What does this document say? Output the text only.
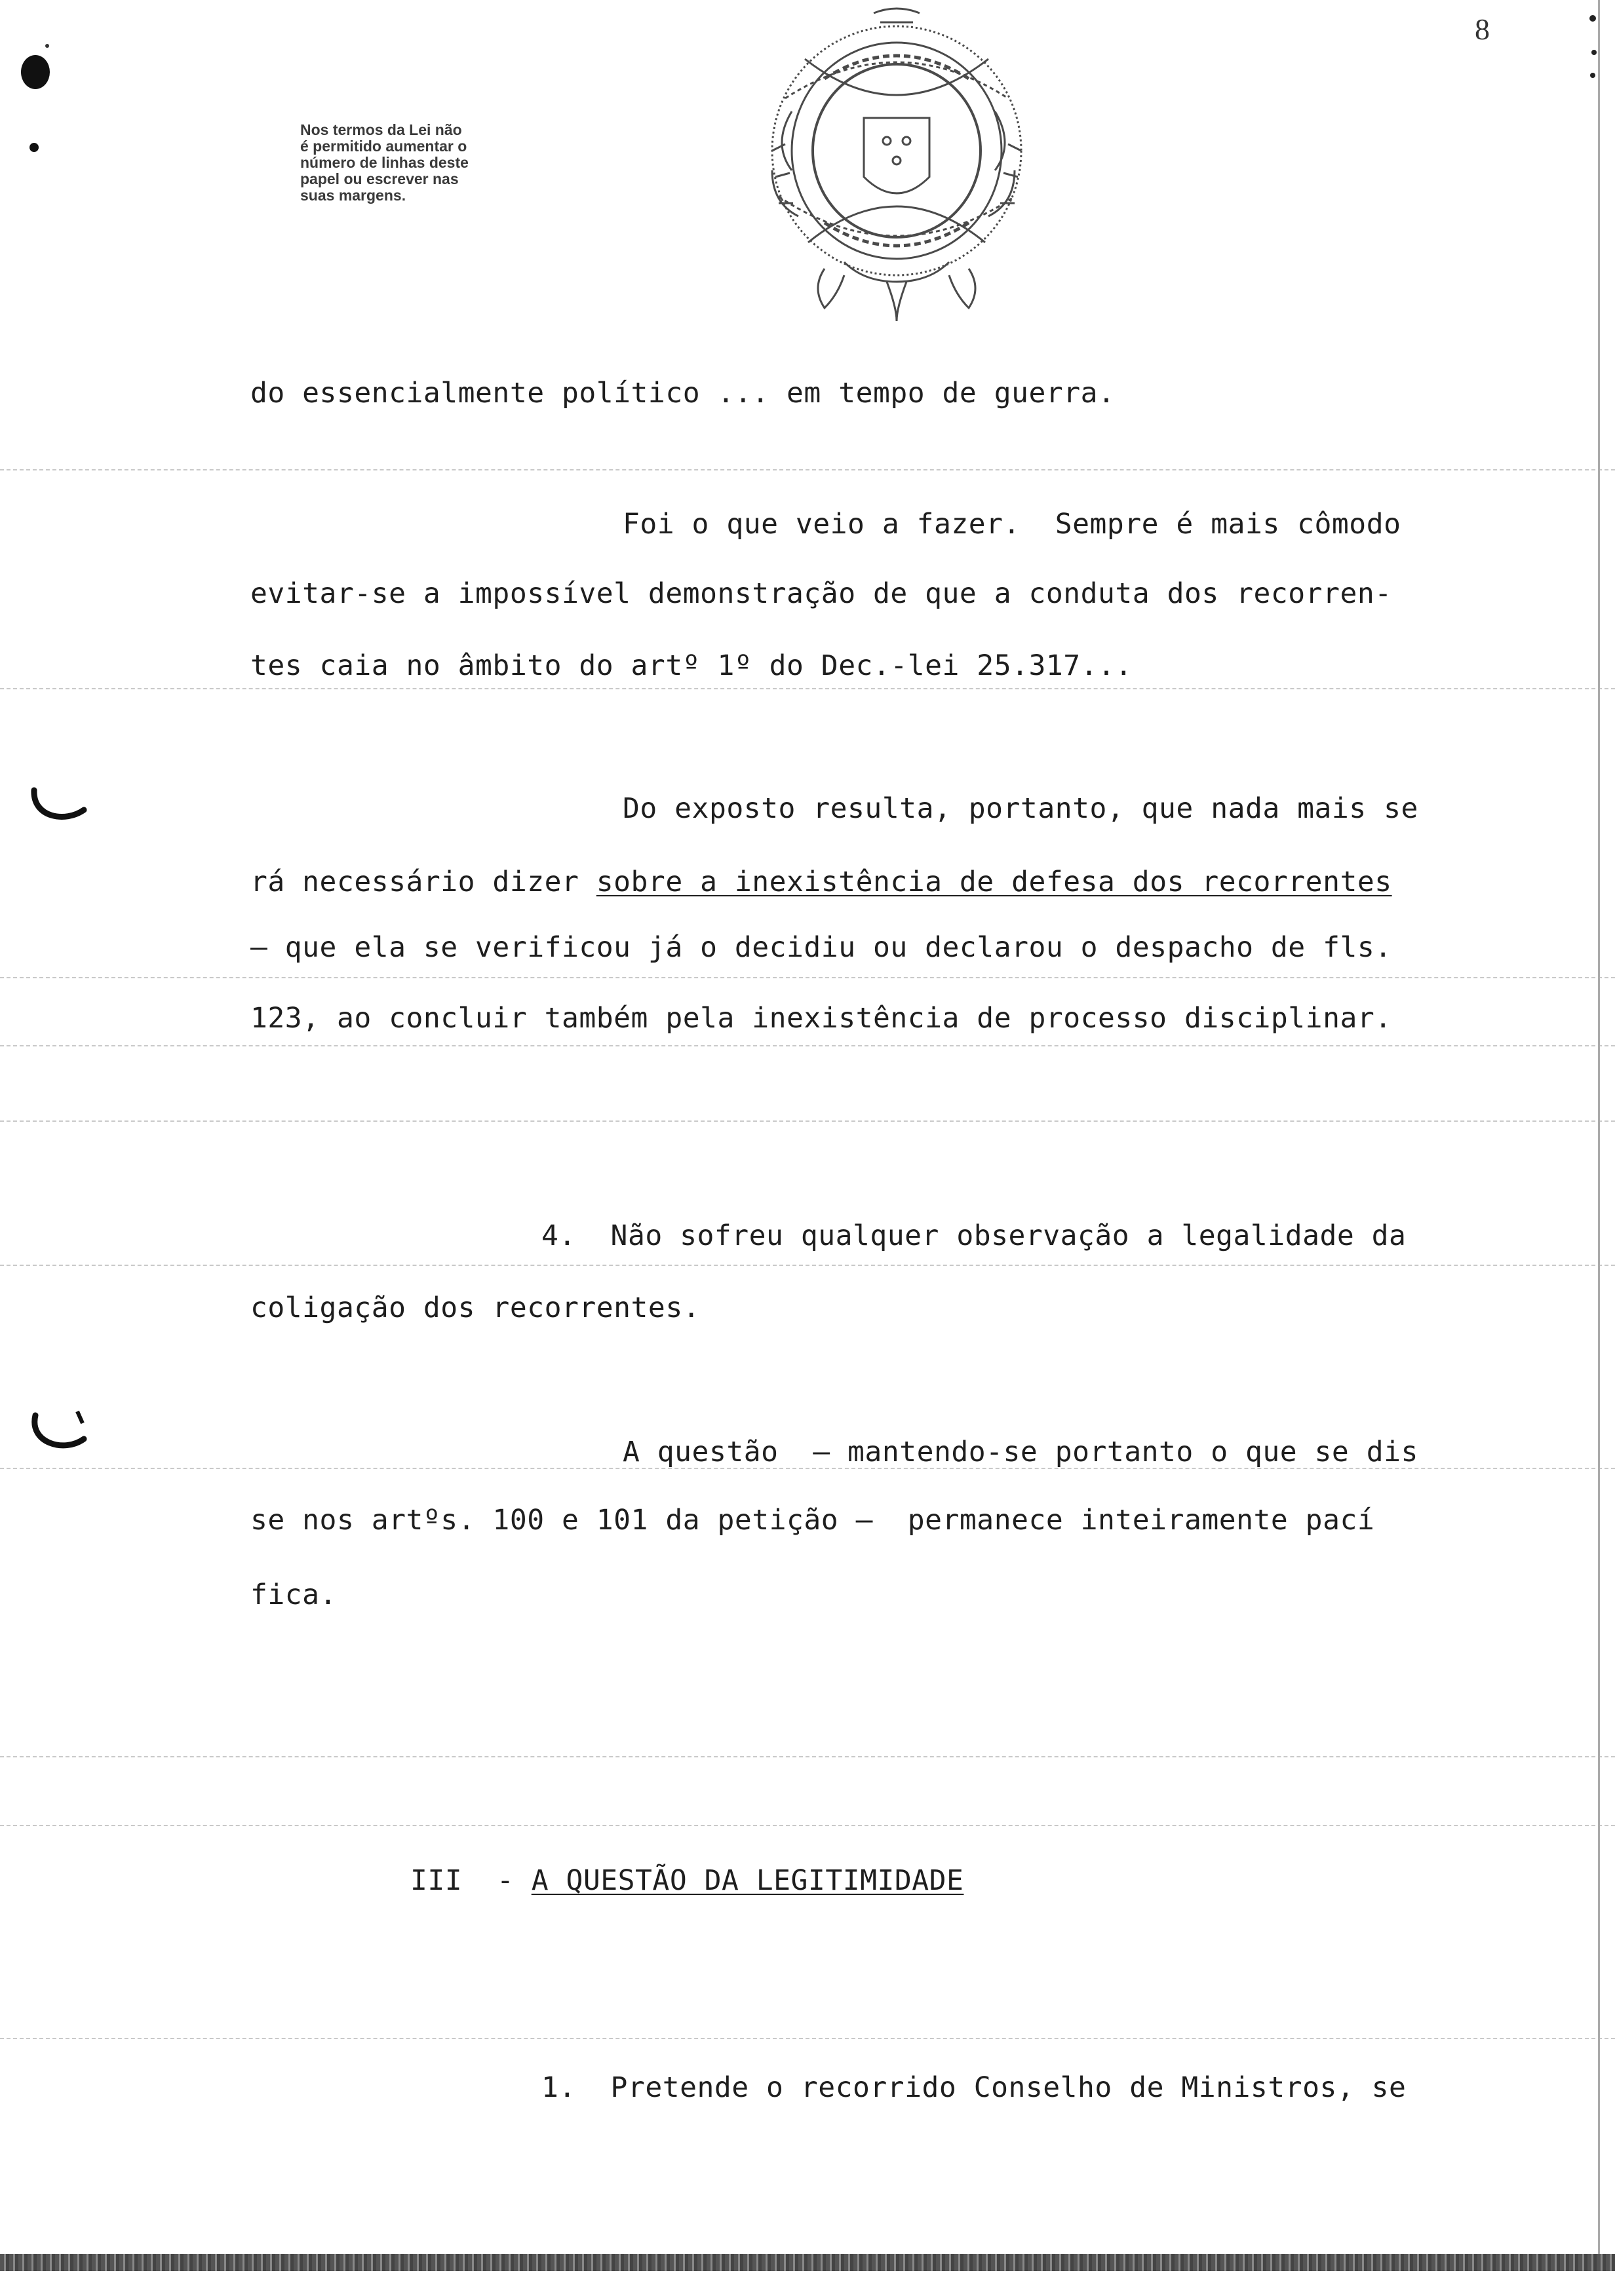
Nos termos da Lei não
é permitido aumentar o
número de linhas deste
papel ou escrever nas
suas margens.
8
do essencialmente político ... em tempo de guerra.
Foi o que veio a fazer.  Sempre é mais cômodo
evitar-se a impossível demonstração de que a conduta dos recorren-
tes caia no âmbito do artº 1º do Dec.-lei 25.317...
Do exposto resulta, portanto, que nada mais se
rá necessário dizer sobre a inexistência de defesa dos recorrentes
— que ela se verificou já o decidiu ou declarou o despacho de fls.
123, ao concluir também pela inexistência de processo disciplinar.
4.  Não sofreu qualquer observação a legalidade da
coligação dos recorrentes.
A questão  — mantendo-se portanto o que se dis
se nos artºs. 100 e 101 da petição —  permanece inteiramente pací
fica.
III  - A QUESTÃO DA LEGITIMIDADE
1.  Pretende o recorrido Conselho de Ministros, se
